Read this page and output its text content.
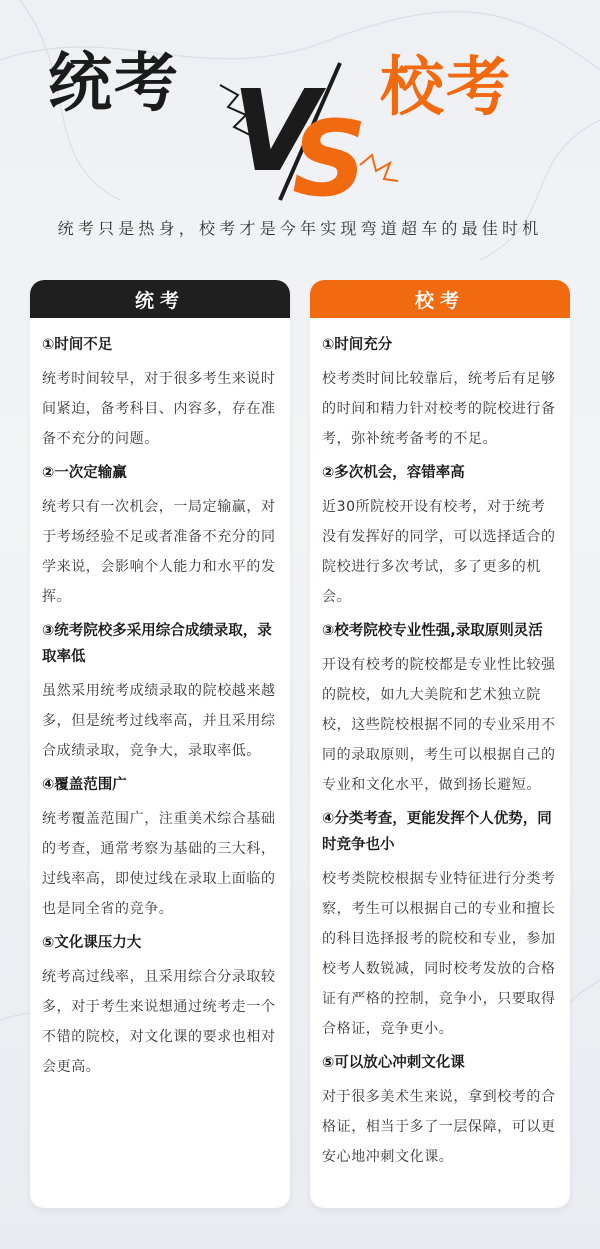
统考	校考
V
S
统考只是热身，校考才是今年实现弯道超车的最佳时机
统考

①时间不足

统考时间较早，对于很多考生来说时间紧迫，备考科目、内容多，存在准备不充分的问题。

②一次定输赢

统考只有一次机会，一局定输赢，对于考场经验不足或者准备不充分的同学来说，会影响个人能力和水平的发挥。

③统考院校多采用综合成绩录取，录取率低

虽然采用统考成绩录取的院校越来越多，但是统考过线率高，并且采用综合成绩录取，竞争大，录取率低。

④覆盖范围广

统考覆盖范围广，注重美术综合基础的考查，通常考察为基础的三大科，过线率高，即使过线在录取上面临的也是同全省的竞争。

⑤文化课压力大

统考高过线率，且采用综合分录取较多，对于考生来说想通过统考走一个不错的院校，对文化课的要求也相对会更高。

校考

①时间充分

校考类时间比较靠后，统考后有足够的时间和精力针对校考的院校进行备考，弥补统考备考的不足。

②多次机会，容错率高

近30所院校开设有校考，对于统考没有发挥好的同学，可以选择适合的院校进行多次考试，多了更多的机会。

③校考院校专业性强,录取原则灵活

开设有校考的院校都是专业性比较强的院校，如九大美院和艺术独立院校，这些院校根据不同的专业采用不同的录取原则，考生可以根据自己的专业和文化水平，做到扬长避短。

④分类考查，更能发挥个人优势，同时竞争也小

校考类院校根据专业特征进行分类考察，考生可以根据自己的专业和擅长的科目选择报考的院校和专业，参加校考人数锐减，同时校考发放的合格证有严格的控制，竞争小，只要取得合格证，竞争更小。

⑤可以放心冲刺文化课

对于很多美术生来说，拿到校考的合格证，相当于多了一层保障，可以更安心地冲刺文化课。
